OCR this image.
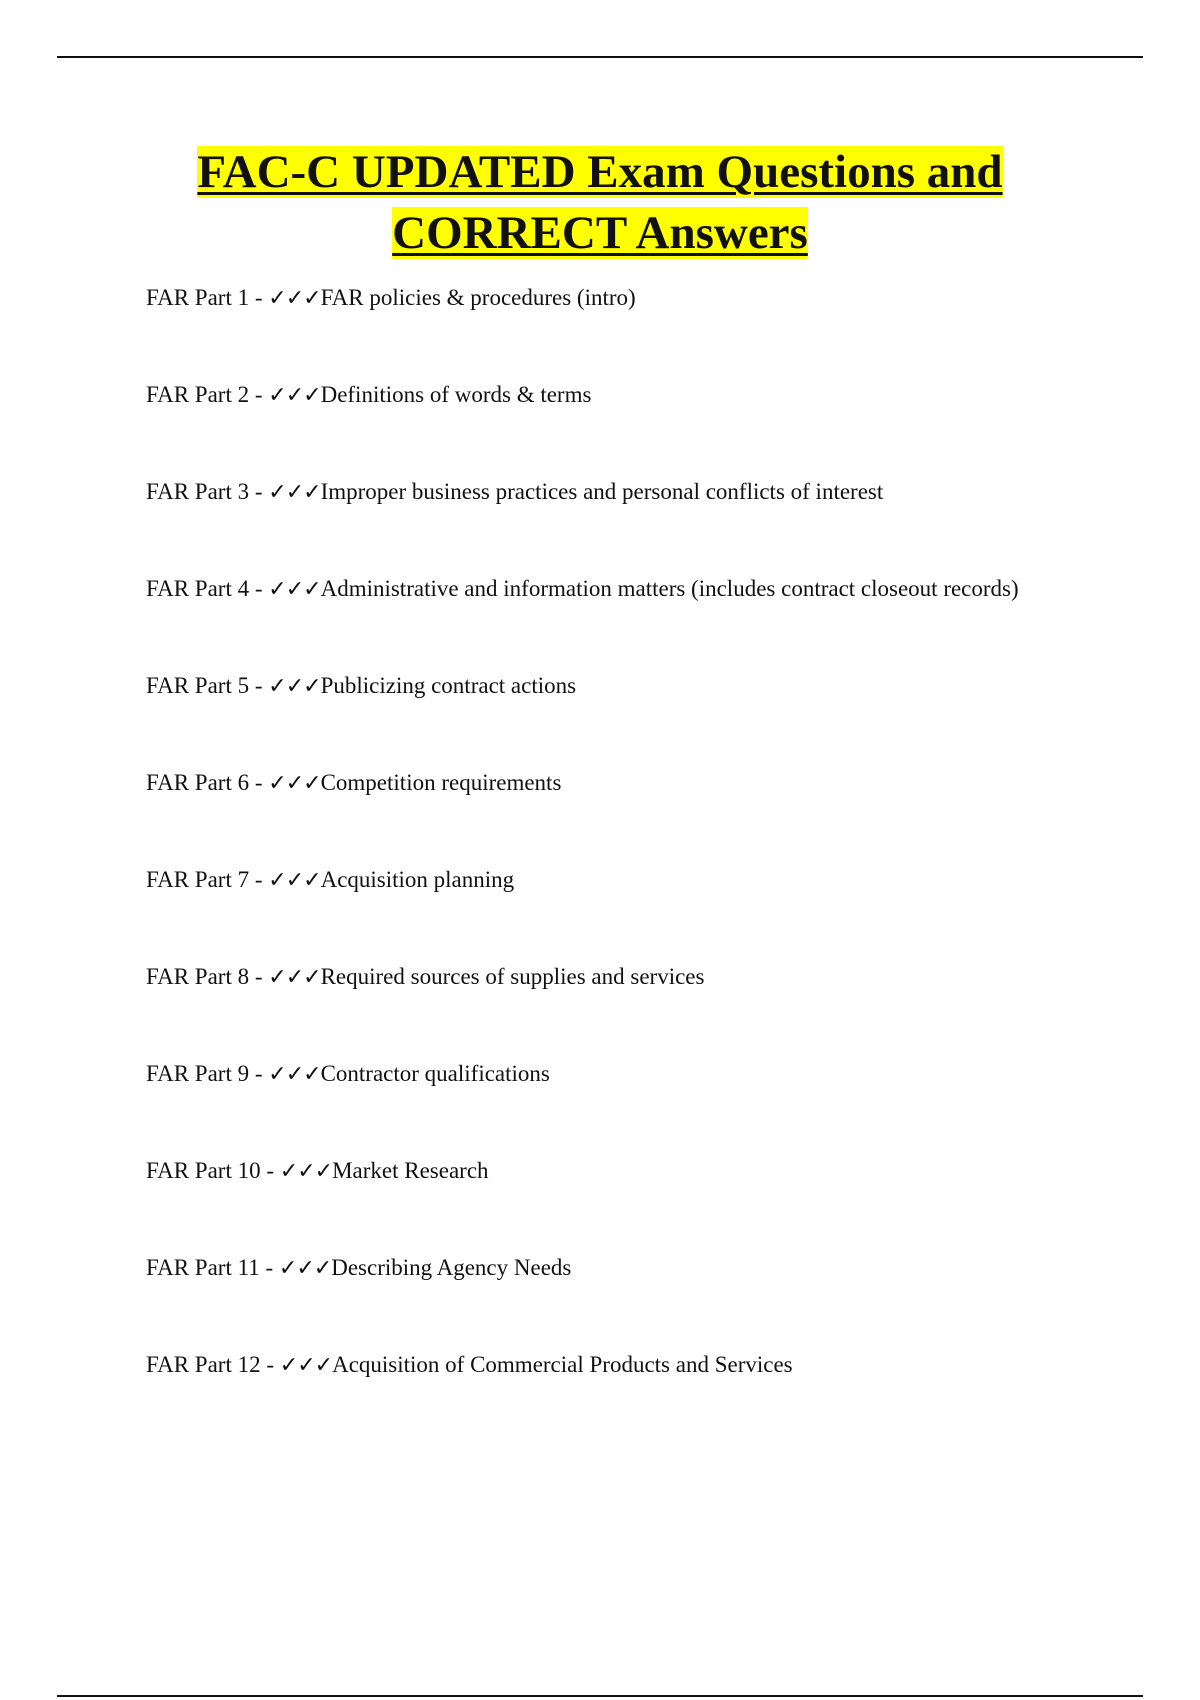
FAC-C UPDATED Exam Questions and
CORRECT Answers
FAR Part 1 - ✓✓✓FAR policies & procedures (intro)
FAR Part 2 - ✓✓✓Definitions of words & terms
FAR Part 3 - ✓✓✓Improper business practices and personal conflicts of interest
FAR Part 4 - ✓✓✓Administrative and information matters (includes contract closeout records)
FAR Part 5 - ✓✓✓Publicizing contract actions
FAR Part 6 - ✓✓✓Competition requirements
FAR Part 7 - ✓✓✓Acquisition planning
FAR Part 8 - ✓✓✓Required sources of supplies and services
FAR Part 9 - ✓✓✓Contractor qualifications
FAR Part 10 - ✓✓✓Market Research
FAR Part 11 - ✓✓✓Describing Agency Needs
FAR Part 12 - ✓✓✓Acquisition of Commercial Products and Services
